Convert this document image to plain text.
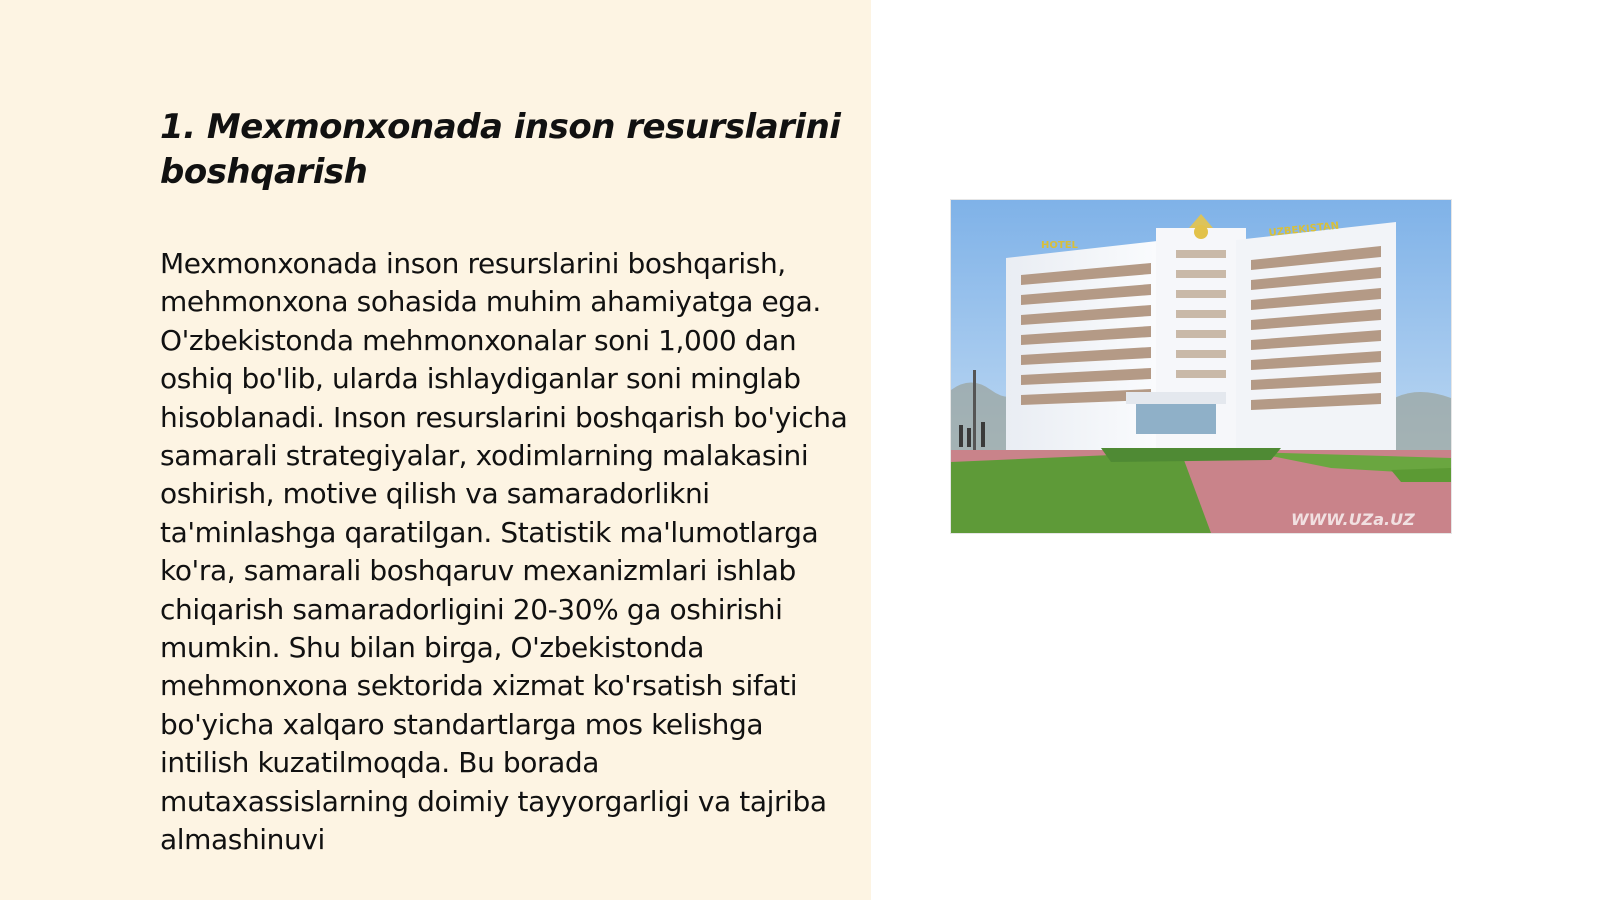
1. Mexmonxonada inson resurslarini boshqarish

Mexmonxonada inson resurslarini boshqarish, mehmonxona sohasida muhim ahamiyatga ega. O'zbekistonda mehmonxonalar soni 1,000 dan oshiq bo'lib, ularda ishlaydiganlar soni minglab hisoblanadi. Inson resurslarini boshqarish bo'yicha samarali strategiyalar, xodimlarning malakasini oshirish, motive qilish va samaradorlikni ta'minlashga qaratilgan. Statistik ma'lumotlarga ko'ra, samarali boshqaruv mexanizmlari ishlab chiqarish samaradorligini 20-30% ga oshirishi mumkin. Shu bilan birga, O'zbekistonda mehmonxona sektorida xizmat ko'rsatish sifati bo'yicha xalqaro standartlarga mos kelishga intilish kuzatilmoqda. Bu borada mutaxassislarning doimiy tayyorgarligi va tajriba almashinuvi

HOTEL
UZBEKISTAN
WWW.UZa.UZ
